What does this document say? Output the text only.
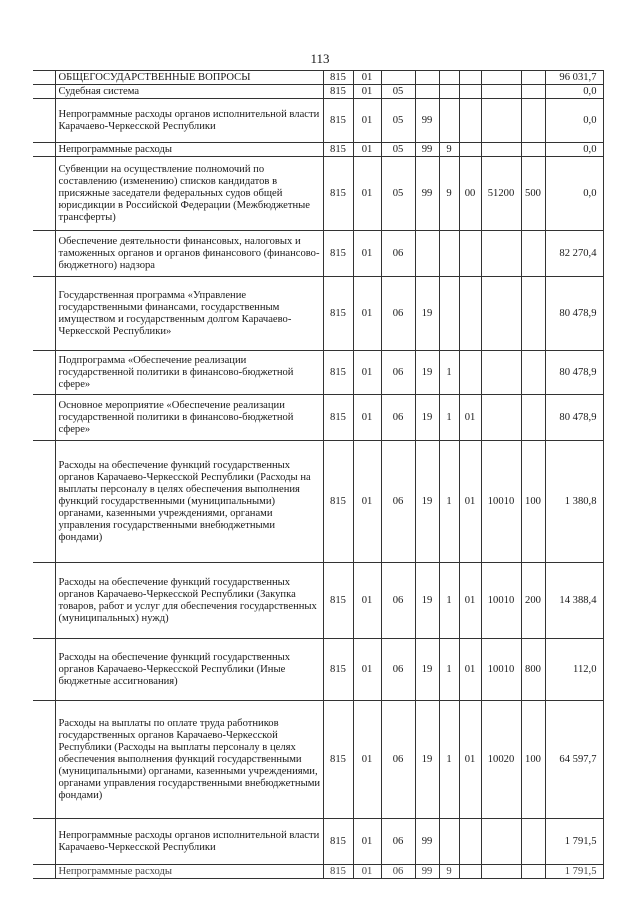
113
	ОБЩЕГОСУДАРСТВЕННЫЕ ВОПРОСЫ	815	01							96 031,7
	Судебная система	815	01	05						0,0
	Непрограммные расходы органов исполнительной власти Карачаево-Черкесской Республики	815	01	05	99					0,0
	Непрограммные расходы	815	01	05	99	9				0,0
	Субвенции на осуществление полномочий по составлению (изменению) списков кандидатов в присяжные заседатели федеральных судов общей юрисдикции в Российской Федерации (Межбюджетные трансферты)	815	01	05	99	9	00	51200	500	0,0
	Обеспечение деятельности финансовых, налоговых и таможенных органов и органов финансового (финансово-бюджетного) надзора	815	01	06						82 270,4
	Государственная программа «Управление государственными финансами, государственным имуществом и государственным долгом Карачаево-Черкесской Республики»	815	01	06	19					80 478,9
	Подпрограмма «Обеспечение реализации государственной политики в финансово-бюджетной сфере»	815	01	06	19	1				80 478,9
	Основное мероприятие «Обеспечение реализации государственной политики в финансово-бюджетной сфере»	815	01	06	19	1	01			80 478,9
	Расходы на обеспечение функций государственных органов Карачаево-Черкесской Республики (Расходы на выплаты персоналу в целях обеспечения выполнения функций государственными (муниципальными) органами, казенными учреждениями, органами управления государственными внебюджетными фондами)	815	01	06	19	1	01	10010	100	1 380,8
	Расходы на обеспечение функций государственных органов Карачаево-Черкесской Республики (Закупка товаров, работ и услуг для обеспечения государственных (муниципальных) нужд)	815	01	06	19	1	01	10010	200	14 388,4
	Расходы на обеспечение функций государственных органов Карачаево-Черкесской Республики (Иные бюджетные ассигнования)	815	01	06	19	1	01	10010	800	112,0
	Расходы на выплаты по оплате труда работников государственных органов Карачаево-Черкесской Республики (Расходы на выплаты персоналу в целях обеспечения выполнения функций государственными (муниципальными) органами, казенными учреждениями, органами управления государственными внебюджетными фондами)	815	01	06	19	1	01	10020	100	64 597,7
	Непрограммные расходы органов исполнительной власти Карачаево-Черкесской Республики	815	01	06	99					1 791,5
	Непрограммные расходы	815	01	06	99	9				1 791,5
